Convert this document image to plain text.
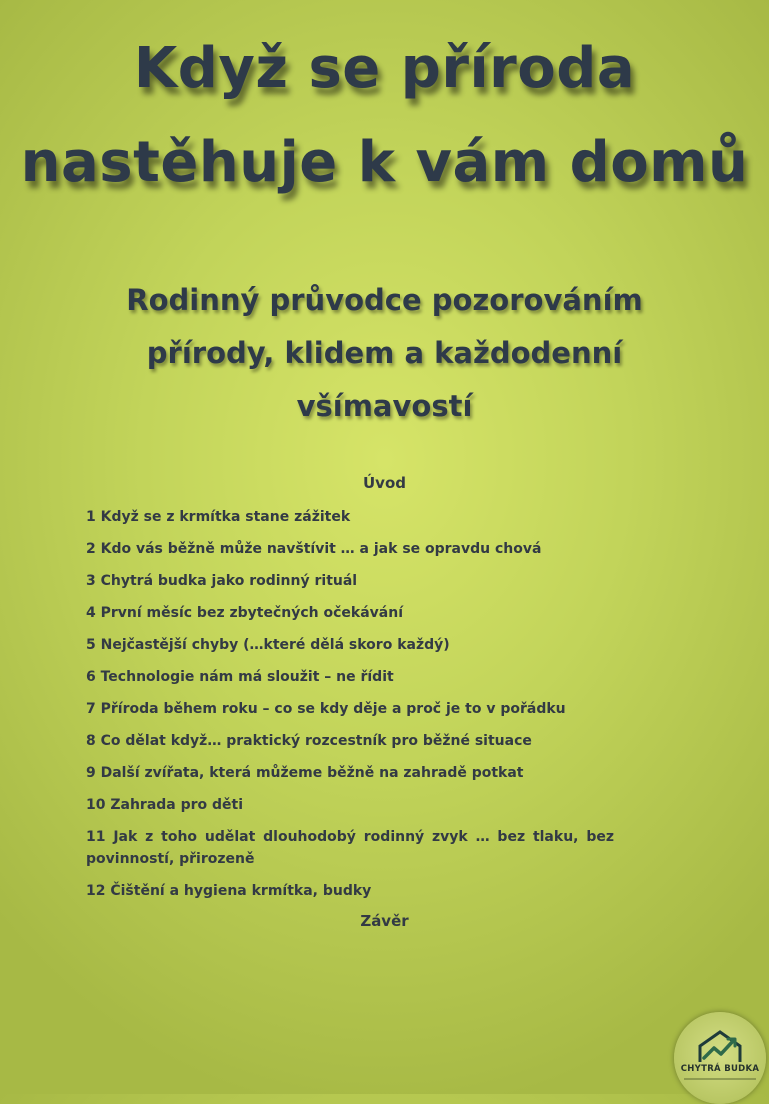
Když se příroda
nastěhuje k vám domů
Rodinný průvodce pozorováním
přírody, klidem a každodenní
všímavostí
Úvod
1 Když se z krmítka stane zážitek
2 Kdo vás běžně může navštívit … a jak se opravdu chová
3 Chytrá budka jako rodinný rituál
4 První měsíc bez zbytečných očekávání
5 Nejčastější chyby (…které dělá skoro každý)
6 Technologie nám má sloužit – ne řídit
7 Příroda během roku – co se kdy děje a proč je to v pořádku
8 Co dělat když… praktický rozcestník pro běžné situace
9 Další zvířata, která můžeme běžně na zahradě potkat
10 Zahrada pro děti
11 Jak z toho udělat dlouhodobý rodinný zvyk … bez tlaku, bez povinností, přirozeně
12 Čištění a hygiena krmítka, budky
Závěr
CHYTRÁ BUDKA
